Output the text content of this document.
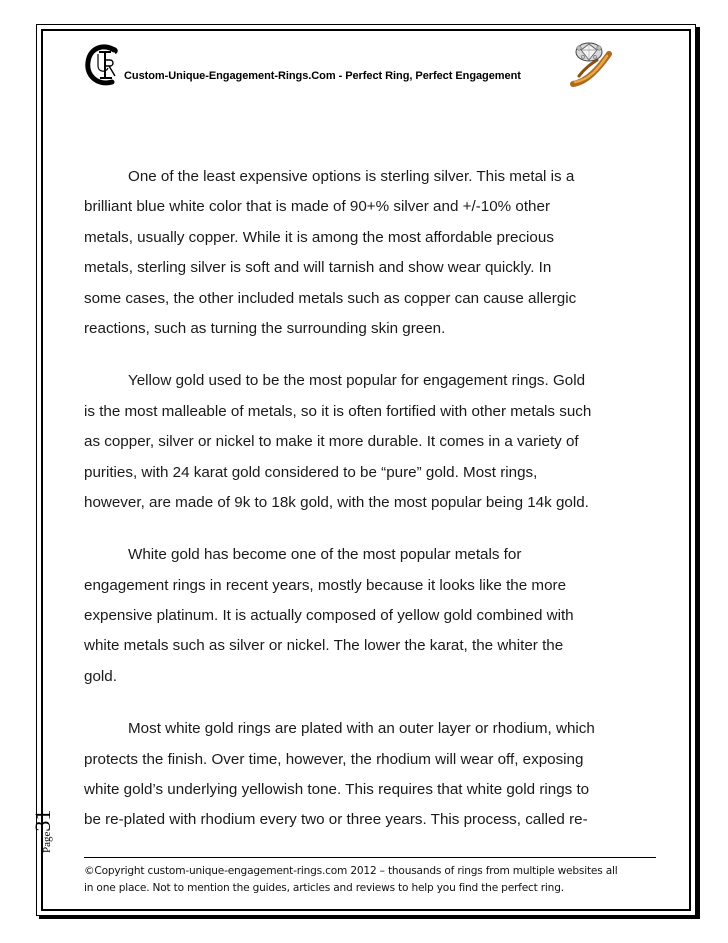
Custom-Unique-Engagement-Rings.Com - Perfect Ring, Perfect Engagement
One of the least expensive options is sterling silver. This metal is a
brilliant blue white color that is made of 90+% silver and +/-10% other
metals, usually copper. While it is among the most affordable precious
metals, sterling silver is soft and will tarnish and show wear quickly. In
some cases, the other included metals such as copper can cause allergic
reactions, such as turning the surrounding skin green.
Yellow gold used to be the most popular for engagement rings. Gold
is the most malleable of metals, so it is often fortified with other metals such
as copper, silver or nickel to make it more durable. It comes in a variety of
purities, with 24 karat gold considered to be “pure” gold. Most rings,
however, are made of 9k to 18k gold, with the most popular being 14k gold.
White gold has become one of the most popular metals for
engagement rings in recent years, mostly because it looks like the more
expensive platinum. It is actually composed of yellow gold combined with
white metals such as silver or nickel. The lower the karat, the whiter the
gold.
Most white gold rings are plated with an outer layer or rhodium, which
protects the finish. Over time, however, the rhodium will wear off, exposing
white gold’s underlying yellowish tone. This requires that white gold rings to
be re-plated with rhodium every two or three years. This process, called re-
Page31
©Copyright custom-unique-engagement-rings.com 2012 – thousands of rings from multiple websites all
in one place. Not to mention the guides, articles and reviews to help you find the perfect ring.
